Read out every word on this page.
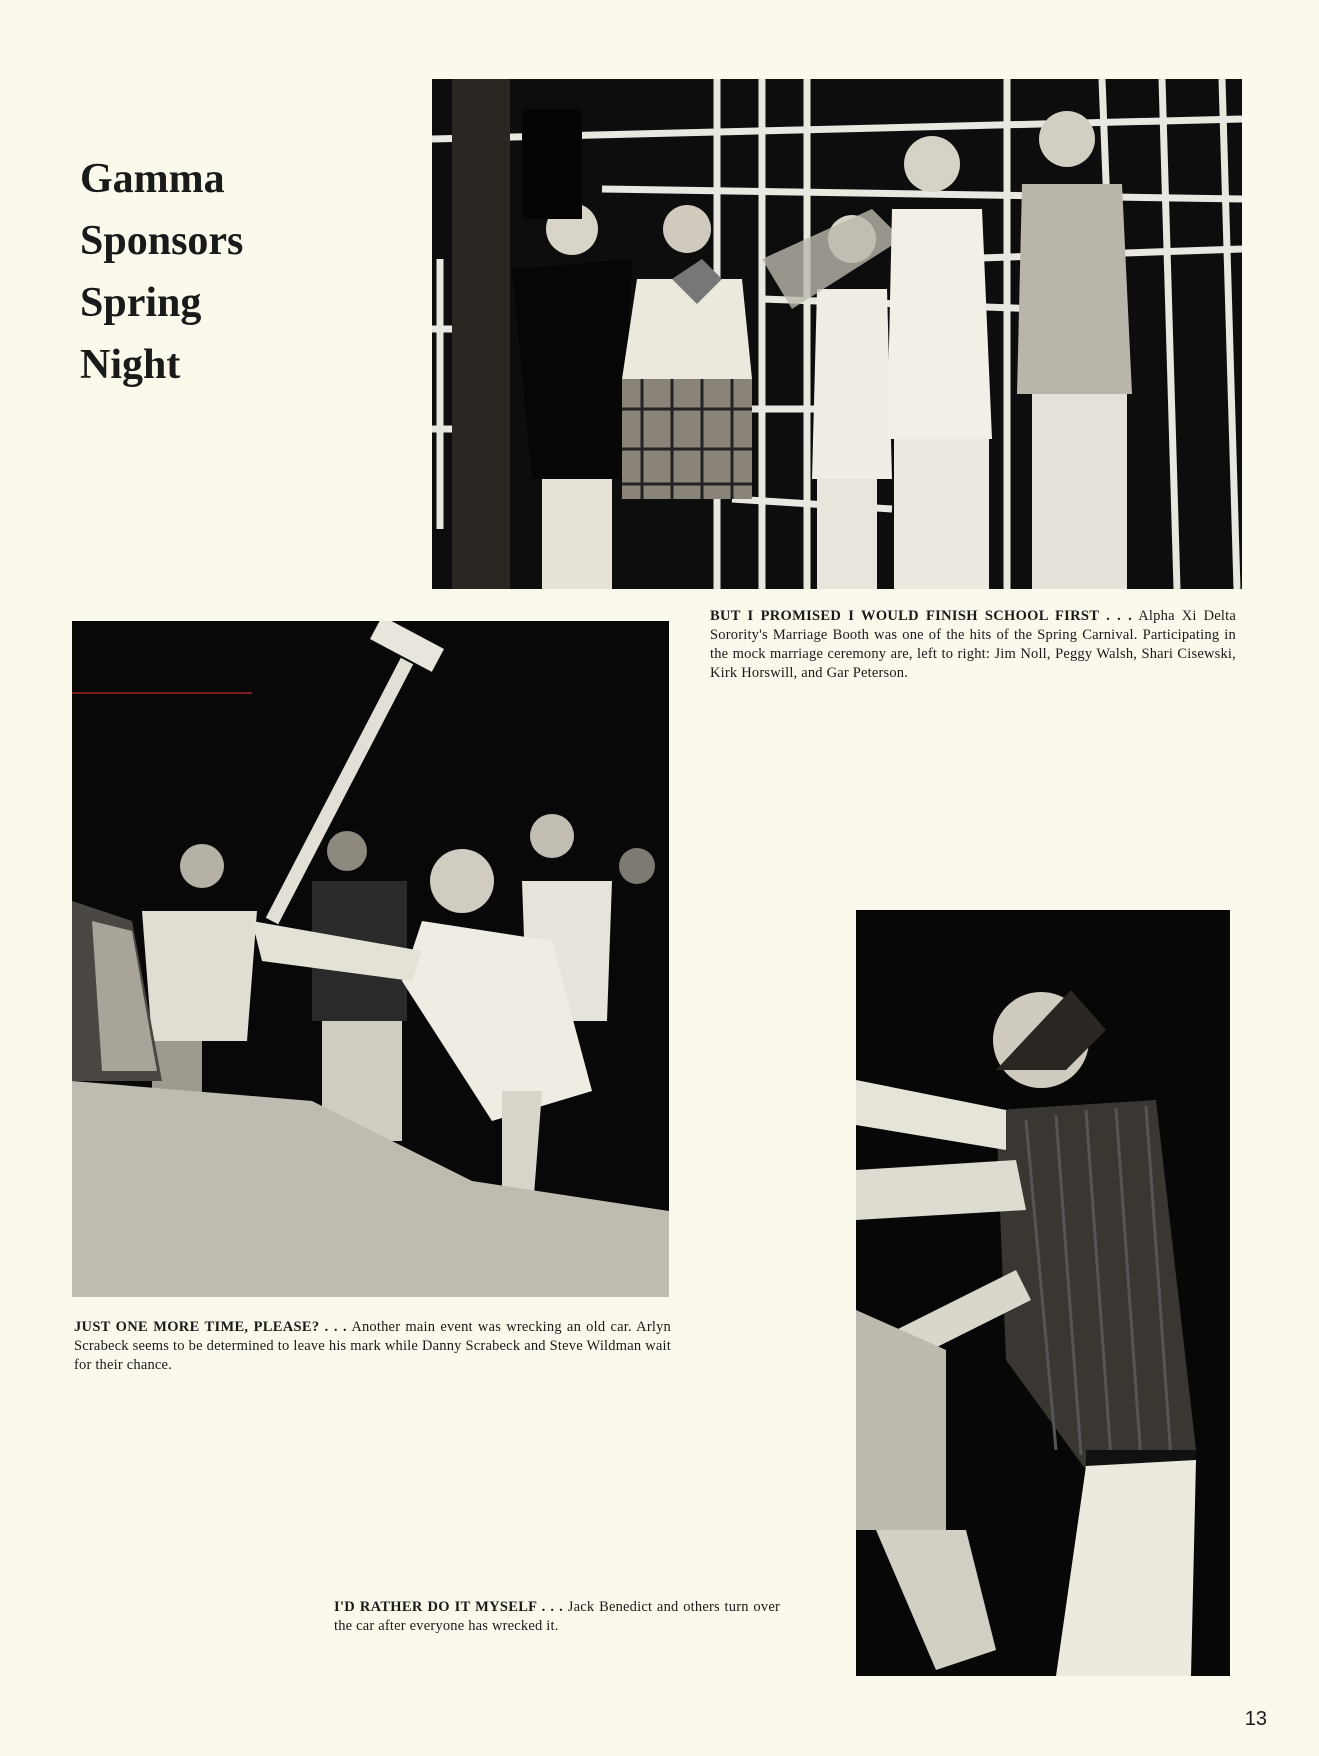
Gamma
Sponsors
Spring
Night
BUT I PROMISED I WOULD FINISH SCHOOL FIRST . . . Alpha Xi Delta Sorority's Marriage Booth was one of the hits of the Spring Carnival. Participating in the mock marriage ceremony are, left to right: Jim Noll, Peggy Walsh, Shari Cisewski, Kirk Horswill, and Gar Peterson.
JUST ONE MORE TIME, PLEASE? . . . Another main event was wrecking an old car. Arlyn Scrabeck seems to be determined to leave his mark while Danny Scrabeck and Steve Wildman wait for their chance.
I'D RATHER DO IT MYSELF . . . Jack Benedict and others turn over the car after everyone has wrecked it.
13
